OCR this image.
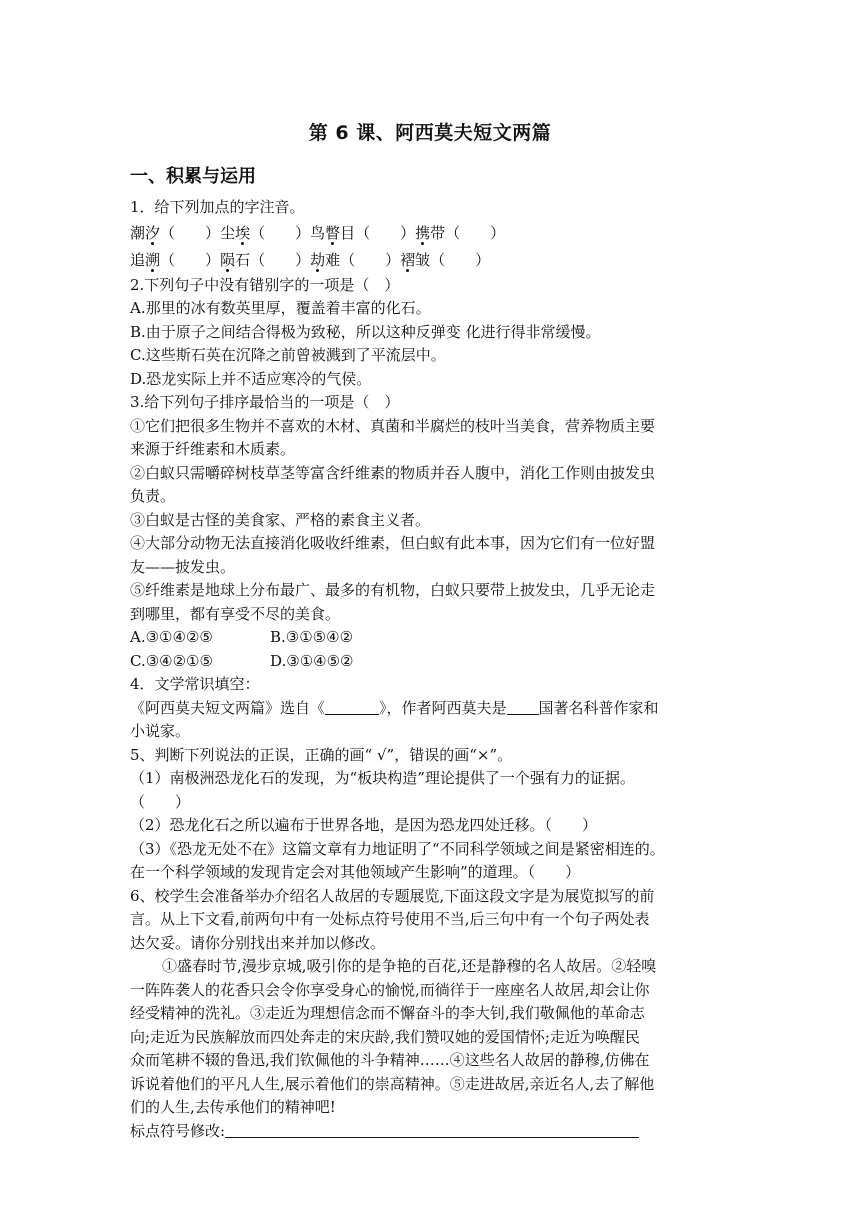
第 6 课、阿西莫夫短文两篇
一、积累与运用
1．给下列加点的字注音。
潮汐（　　）尘埃（　　）鸟瞥目（　　）携带（　　）
追溯（　　）陨石（　　）劫难（　　）褶皱（　　）
2.下列句子中没有错别字的一项是（　）
A.那里的冰有数英里厚，覆盖着丰富的化石。
B.由于原子之间结合得极为致秘，所以这种反弹变 化进行得非常缓慢。
C.这些斯石英在沉降之前曾被溅到了平流层中。
D.恐龙实际上并不适应寒冷的气侯。
3.给下列句子排序最恰当的一项是（　）
①它们把很多生物并不喜欢的木材、真菌和半腐烂的枝叶当美食，营养物质主要
来源于纤维素和木质素。
②白蚁只需嚼碎树枝草茎等富含纤维素的物质并吞人腹中，消化工作则由披发虫
负责。
③白蚁是古怪的美食家、严格的素食主义者。
④大部分动物无法直接消化吸收纤维素，但白蚁有此本事，因为它们有一位好盟
友——披发虫。
⑤纤维素是地球上分布最广、最多的有机物，白蚁只要带上披发虫，几乎无论走
到哪里，都有享受不尽的美食。
A.③①④②⑤	B.③①⑤④②
C.③④②①⑤	D.③①④⑤②
4．文学常识填空：
《阿西莫夫短文两篇》选自《	》，作者阿西莫夫是 国著名科普作家和
小说家。
5、判断下列说法的正误，正确的画“ √”，错误的画“×”。
（1）南极洲恐龙化石的发现，为“板块构造”理论提供了一个强有力的证据。
（　　）
（2）恐龙化石之所以遍布于世界各地，是因为恐龙四处迁移。（　　）
（3）《恐龙无处不在》这篇文章有力地证明了“不同科学领域之间是紧密相连的。
在一个科学领域的发现肯定会对其他领域产生影响”的道理。（　　）
6、校学生会准备举办介绍名人故居的专题展览,下面这段文字是为展览拟写的前
言。从上下文看,前两句中有一处标点符号使用不当,后三句中有一个句子两处表
达欠妥。请你分别找出来并加以修改。
①盛春时节,漫步京城,吸引你的是争艳的百花,还是静穆的名人故居。②轻嗅
一阵阵袭人的花香只会令你享受身心的愉悦,而徜徉于一座座名人故居,却会让你
经受精神的洗礼。③走近为理想信念而不懈奋斗的李大钊,我们敬佩他的革命志
向;走近为民族解放而四处奔走的宋庆龄,我们赞叹她的爱国情怀;走近为唤醒民
众而笔耕不辍的鲁迅,我们钦佩他的斗争精神……④这些名人故居的静穆,仿佛在
诉说着他们的平凡人生,展示着他们的崇高精神。⑤走进故居,亲近名人,去了解他
们的人生,去传承他们的精神吧!
标点符号修改:
